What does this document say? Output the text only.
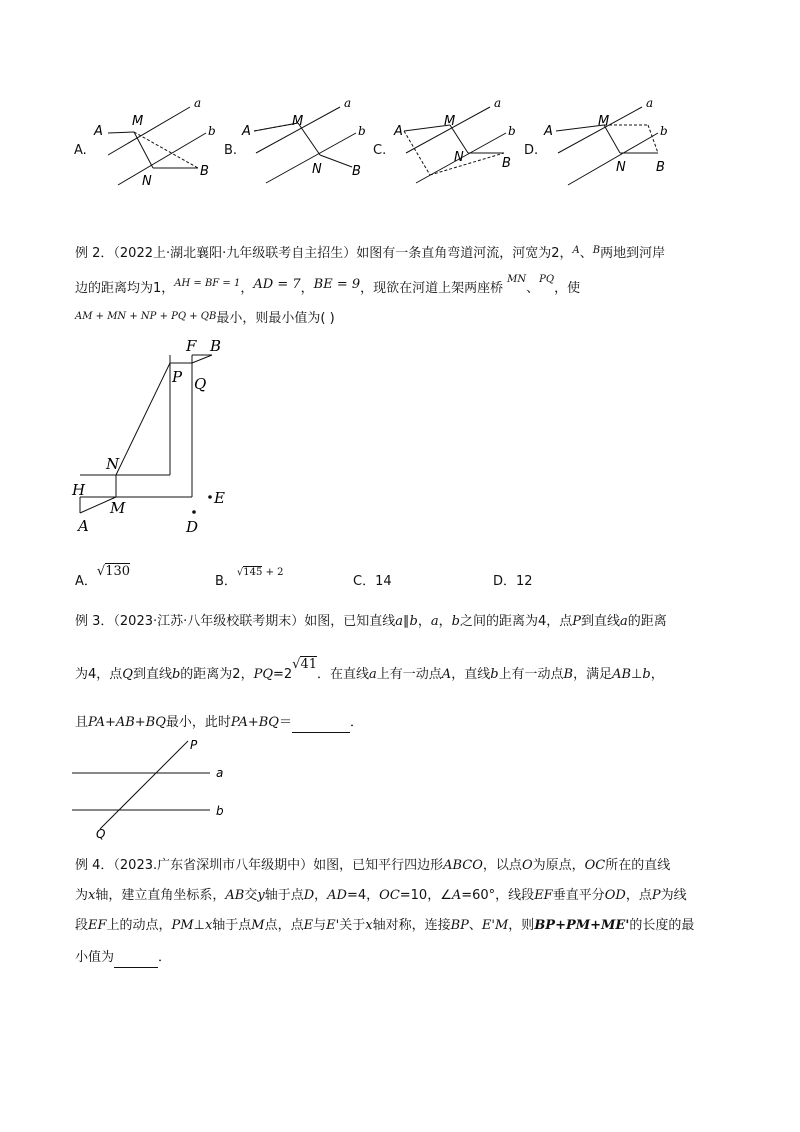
A.	B.	C.	D.
a
b
A
M
N
B
a
b
A
M
N B
a
b
A
M
N	B
a
b
A
M
N B
例 2．（2022上·湖北襄阳·九年级联考自主招生）如图有一条直角弯道河流，河宽为2，$^A$、$^B$两地到河岸
边的距离均为1，$^{AH = BF = 1}$，AD = 7，BE = 9，现欲在河道上架两座桥$^{MN}$、$^{PQ}$，使
$^{AM + MN + NP + PQ + QB}$最小，则最小值为( )
F B
P Q
N
H
M
A	D
E
A．√130
B．$^{√145 + 2}$
C．14	D．12
例 3．（2023·江苏·八年级校联考期末）如图，已知直线a∥b，a，b之间的距离为4，点P到直线a的距离
为4，点Q到直线b的距离为2，PQ=2√41．在直线a上有一动点A，直线b上有一动点B，满足AB⊥b，
且PA+AB+BQ最小，此时PA+BQ＝	．
P
a
b
Q
例 4．（2023.广东省深圳市八年级期中）如图，已知平行四边形ABCO，以点O为原点，OC所在的直线
为x轴，建立直角坐标系，AB交y轴于点D，AD=4，OC=10，∠A=60°，线段EF垂直平分OD，点P为线
段EF上的动点，PM⊥x轴于点M点，点E与E'关于x轴对称，连接BP、E'M，则BP+PM+ME'的长度的最
小值为	．
